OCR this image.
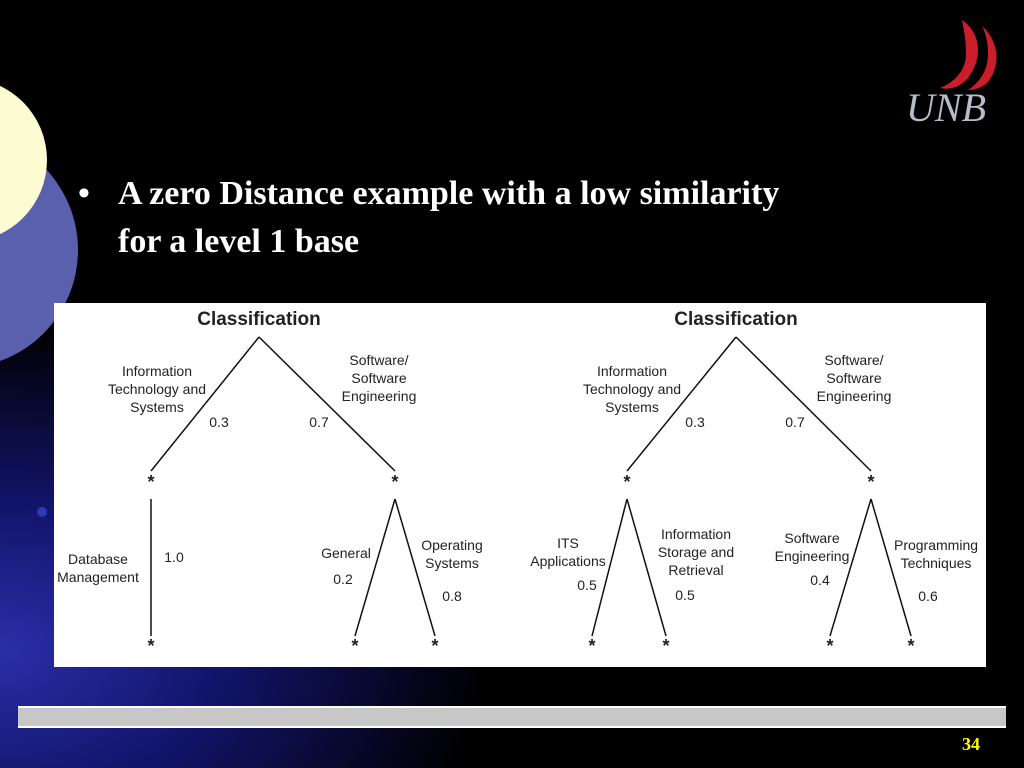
UNB
• A zero Distance example with a low similarity
for a level 1 base
Classification
Information Technology and Systems
Software/ Software Engineering
0.3	0.7
*	*
Database Management
1.0
*
General
0.2
*
Operating Systems
0.8
*
Classification
Information Technology and Systems
Software/ Software Engineering
0.3	0.7
*	*
ITS Applications
0.5
*
Information Storage and Retrieval
0.5
*
Software Engineering
0.4
*
Programming Techniques
0.6
*
34
